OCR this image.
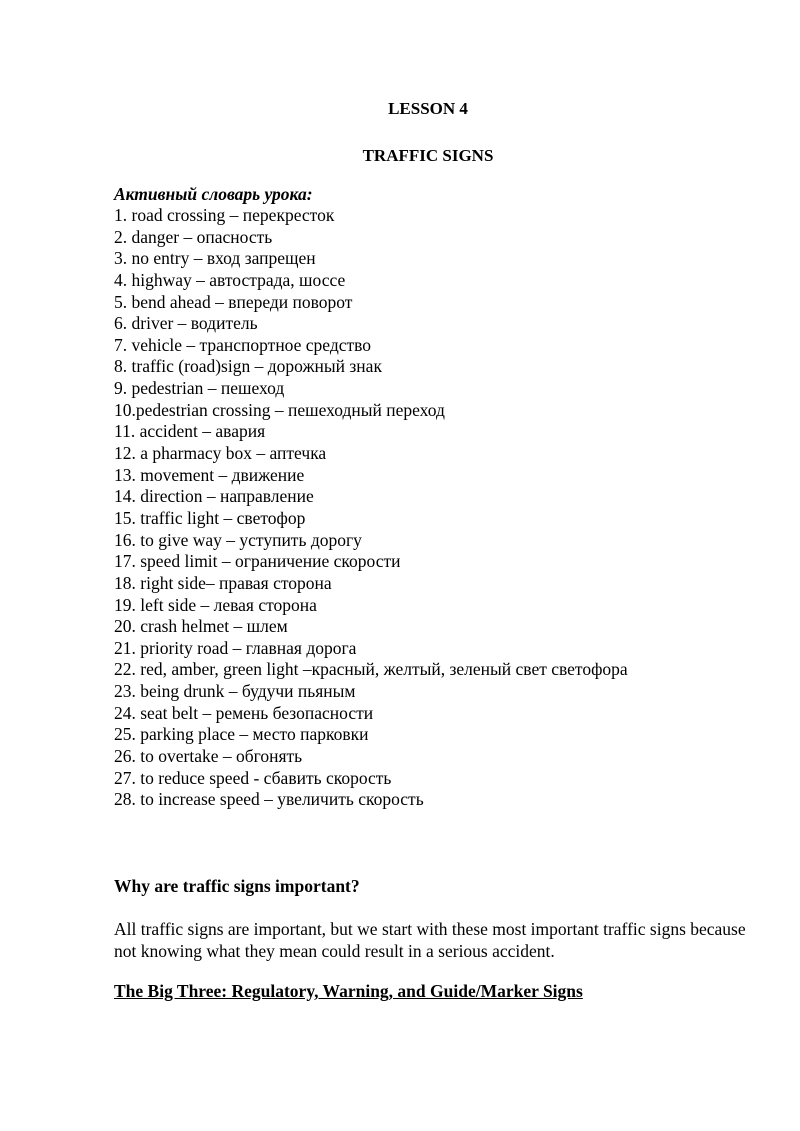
LESSON 4
TRAFFIC SIGNS
Активный словарь урока:
1. road crossing – перекресток
2. danger – опасность
3. no entry – вход запрещен
4. highway – автострада, шоссе
5. bend ahead – впереди поворот
6. driver – водитель
7. vehicle – транспортное средство
8. traffic (road)sign – дорожный знак
9. pedestrian – пешеход
10.pedestrian crossing – пешеходный переход
11. accident – авария
12. a pharmacy box – аптечка
13. movement – движение
14. direction – направление
15. traffic light – светофор
16. to give way – уступить дорогу
17. speed limit – ограничение скорости
18. right side– правая сторона
19. left side – левая сторона
20. crash helmet – шлем
21. priority road – главная дорога
22. red, amber, green light –красный, желтый, зеленый свет светофора
23. being drunk – будучи пьяным
24. seat belt – ремень безопасности
25. parking place – место парковки
26. to overtake – обгонять
27. to reduce speed - сбавить скорость
28. to increase speed – увеличить скорость
Why are traffic signs important?
All traffic signs are important, but we start with these most important traffic signs because not knowing what they mean could result in a serious accident.
The Big Three: Regulatory, Warning, and Guide/Marker Signs
